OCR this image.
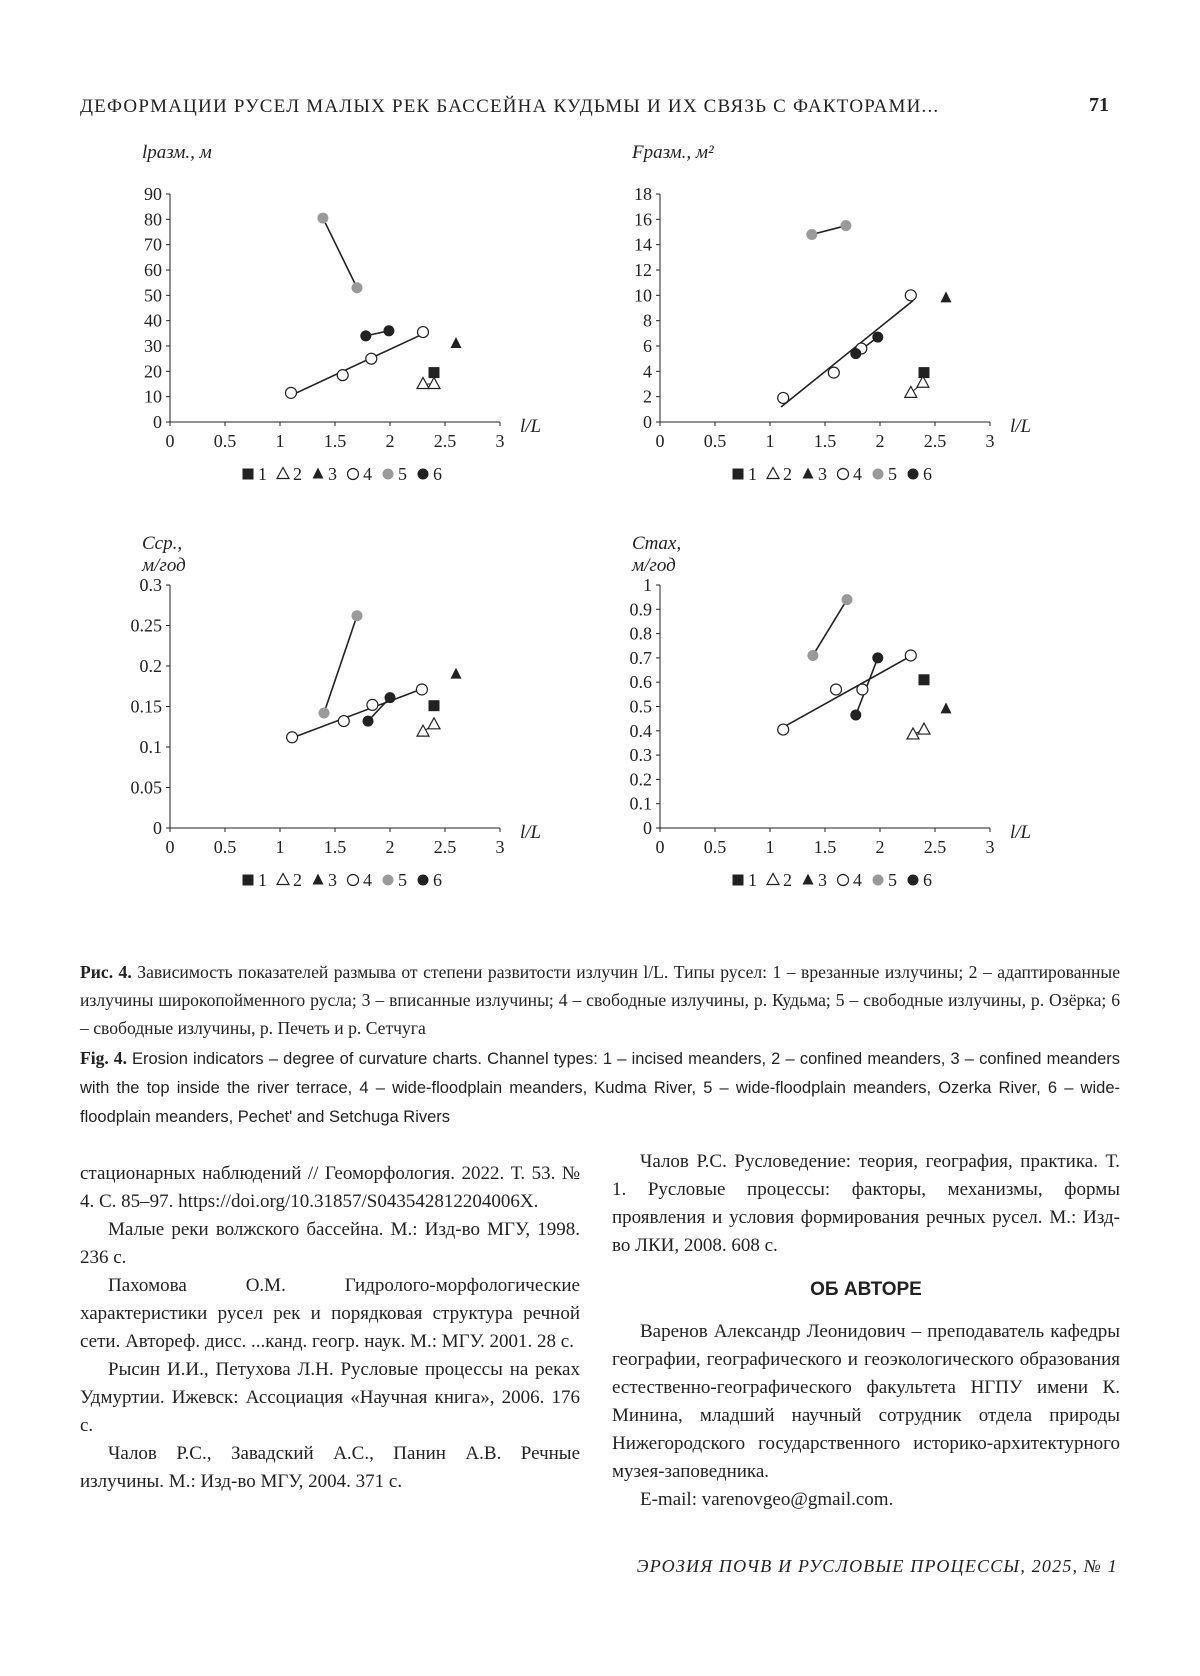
ДЕФОРМАЦИИ РУСЕЛ МАЛЫХ РЕК БАССЕЙНА КУДЬМЫ И ИХ СВЯЗЬ С ФАКТОРАМИ...	71
lразм., м
0
10
20
30
40
50
60
70
80
90
0 0.5 1 1.5 2 2.5 3
l/L
1 2 3 4 5 6
Fразм., м²
0
2
4
6
8
10
12
14
16
18
0 0.5 1 1.5 2 2.5 3
l/L
1 2 3 4 5 6
Cср.,
м/год
0
0.05
0.1
0.15
0.2
0.25
0.3
0 0.5 1 1.5 2 2.5 3
l/L
1 2 3 4 5 6
Cmax,
м/год
0
0.1
0.2
0.3
0.4
0.5
0.6
0.7
0.8
0.9
1
0 0.5 1 1.5 2 2.5 3
l/L
1 2 3 4 5 6
Рис. 4. Зависимость показателей размыва от степени развитости излучин l/L. Типы русел: 1 – врезанные излучины; 2 – адаптированные излучины широкопойменного русла; 3 – вписанные излучины; 4 – свободные излучины, р. Кудьма; 5 – свободные излучины, р. Озёрка; 6 – свободные излучины, р. Печеть и р. Сетчуга
Fig. 4. Erosion indicators – degree of curvature charts. Channel types: 1 – incised meanders, 2 – confined meanders, 3 – confined meanders with the top inside the river terrace, 4 – wide-floodplain meanders, Kudma River, 5 – wide-floodplain meanders, Ozerka River, 6 – wide-floodplain meanders, Pechet' and Setchuga Rivers

стационарных наблюдений // Геоморфология. 2022. Т. 53. № 4. С. 85–97. https://doi.org/10.31857/S043542812204006X.

Малые реки волжского бассейна. М.: Изд-во МГУ, 1998. 236 с.

Пахомова О.М. Гидролого-морфологические характеристики русел рек и порядковая структура речной сети. Автореф. дисс. ...канд. геогр. наук. М.: МГУ. 2001. 28 с.

Рысин И.И., Петухова Л.Н. Русловые процессы на реках Удмуртии. Ижевск: Ассоциация «Научная книга», 2006. 176 с.

Чалов Р.С., Завадский А.С., Панин А.В. Речные излучины. М.: Изд-во МГУ, 2004. 371 с.

Чалов Р.С. Русловедение: теория, география, практика. Т. 1. Русловые процессы: факторы, механизмы, формы проявления и условия формирования речных русел. М.: Изд-во ЛКИ, 2008. 608 с.

ОБ АВТОРЕ

Варенов Александр Леонидович – преподаватель кафедры географии, географического и геоэкологического образования естественно-географического факультета НГПУ имени К. Минина, младший научный сотрудник отдела природы Нижегородского государственного историко-архитектурного музея-заповедника.

E-mail: varenovgeo@gmail.com.

ЭРОЗИЯ ПОЧВ И РУСЛОВЫЕ ПРОЦЕССЫ, 2025, № 1
